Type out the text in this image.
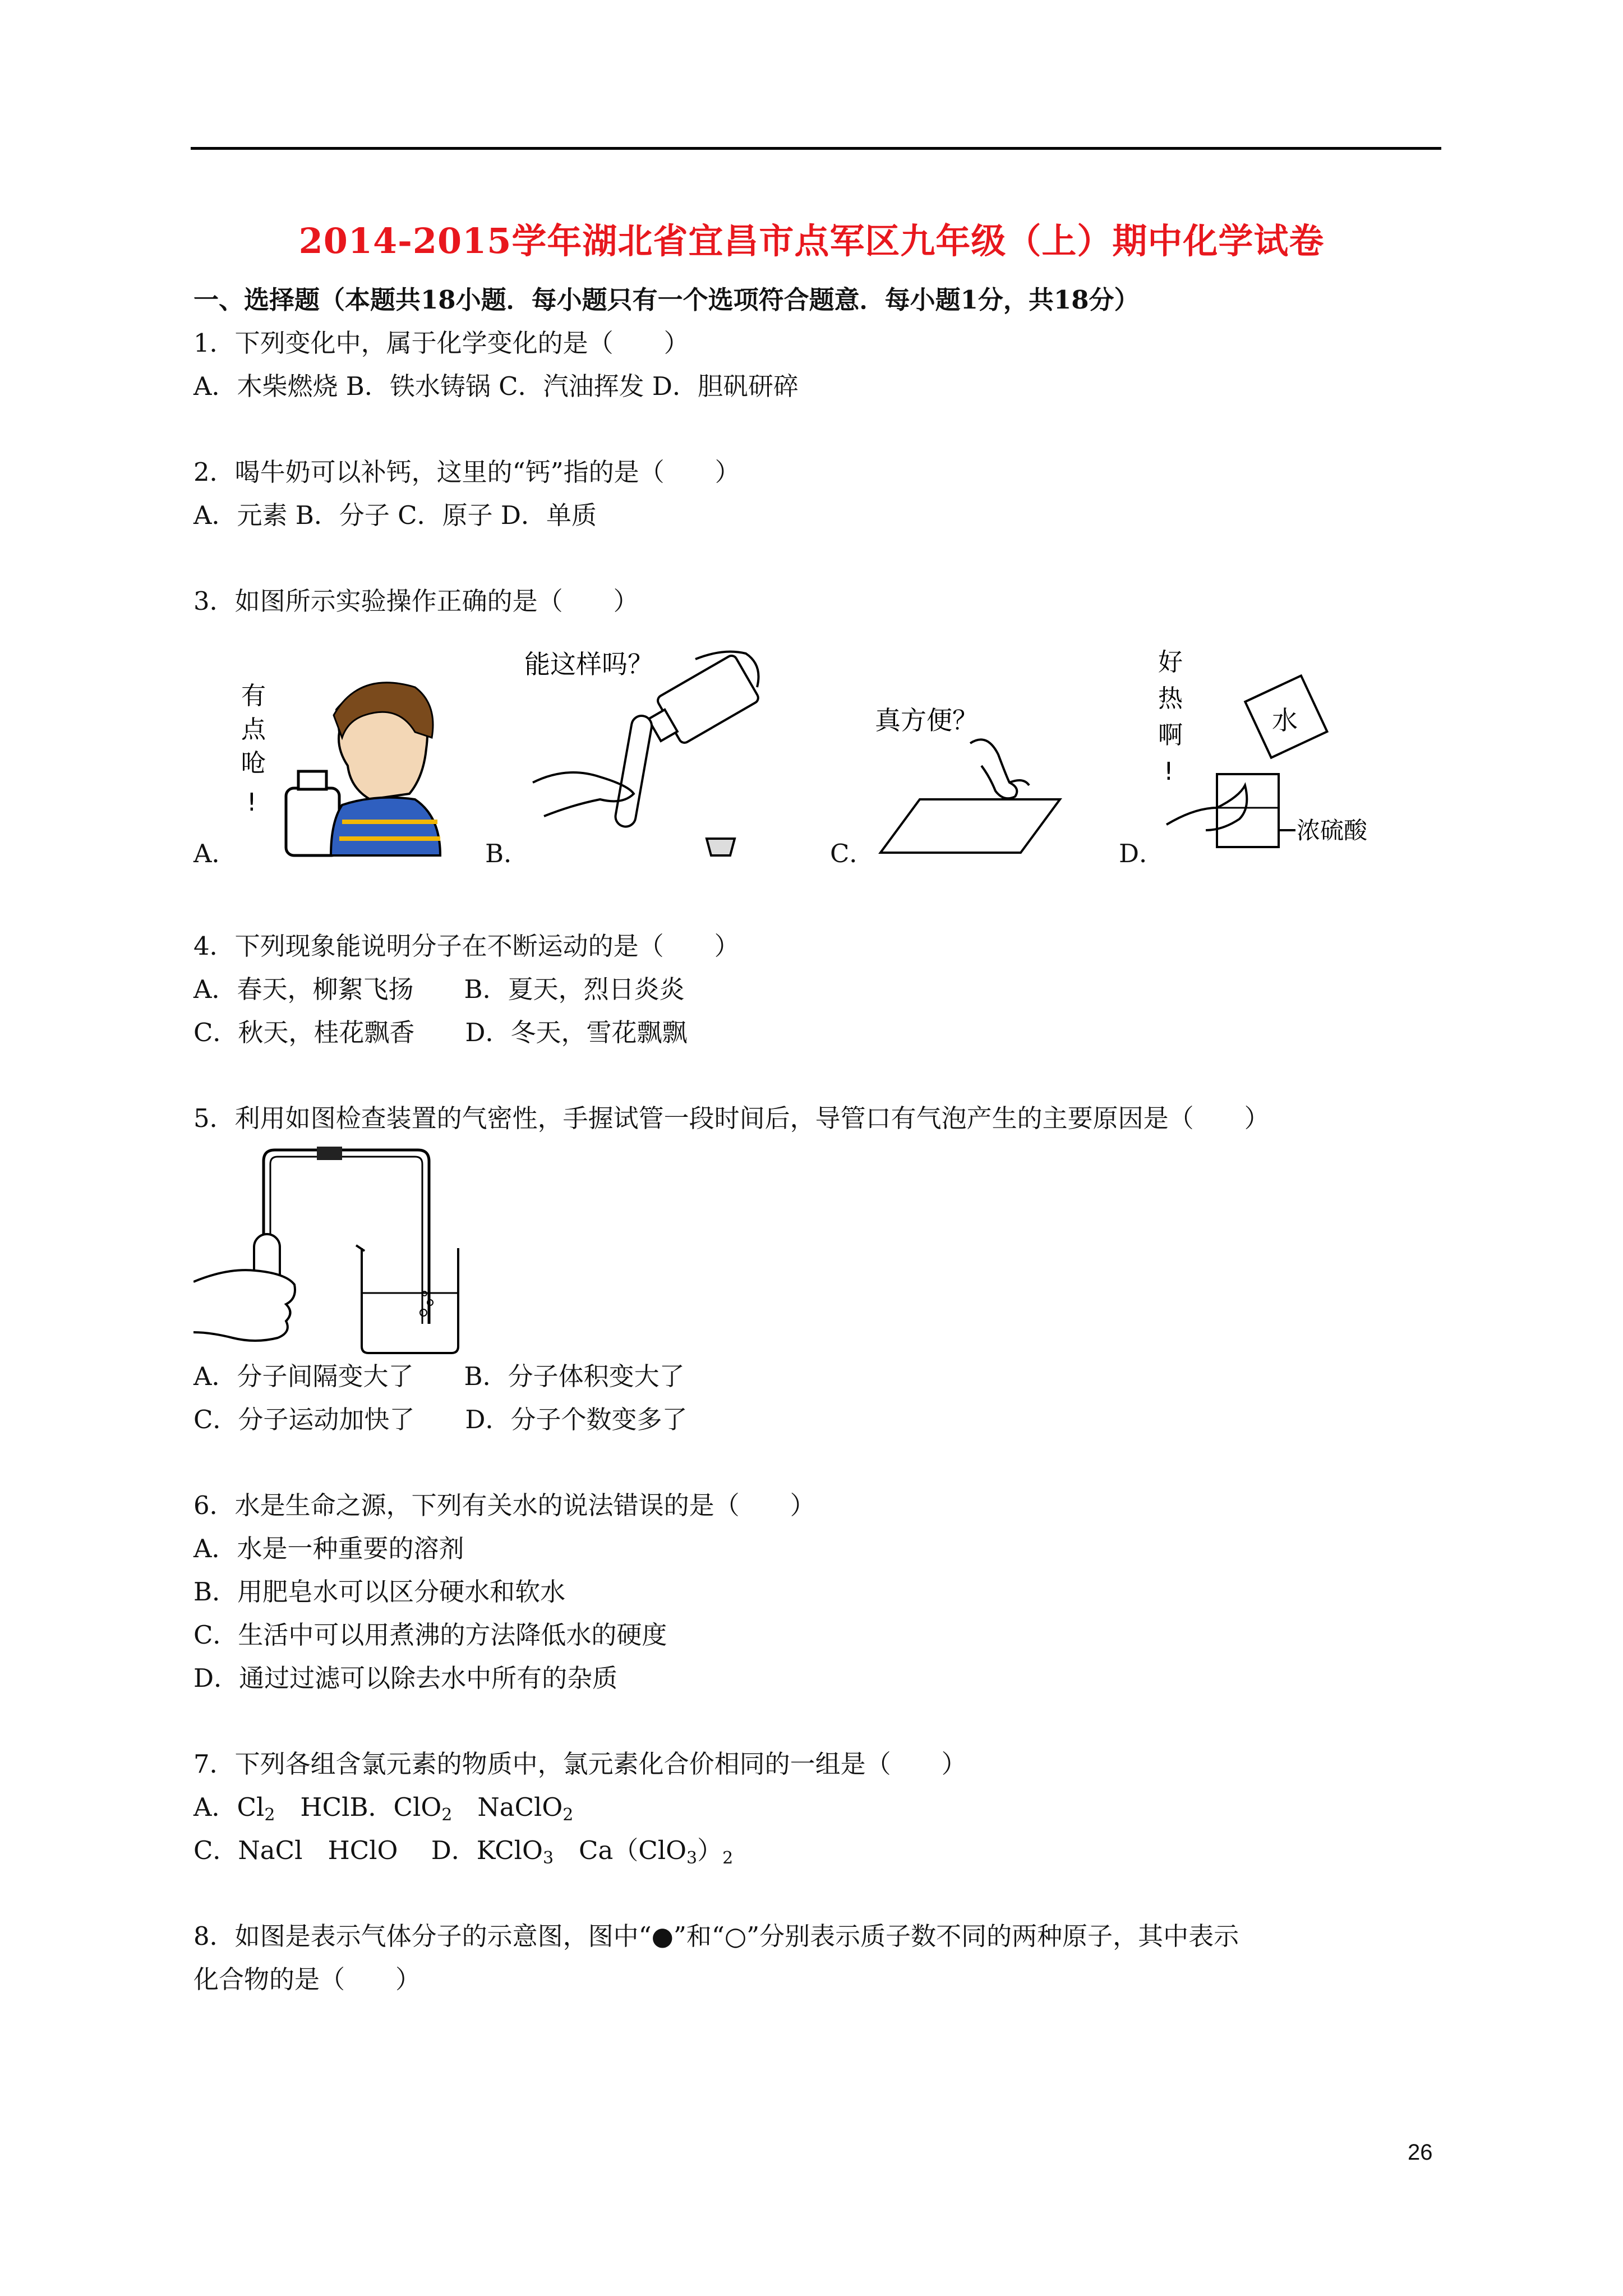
2014-2015学年湖北省宜昌市点军区九年级（上）期中化学试卷
一、选择题（本题共18小题．每小题只有一个选项符合题意．每小题1分，共18分）
1．下列变化中，属于化学变化的是（　　）
A．木柴燃烧 B．铁水铸锅 C．汽油挥发 D．胆矾研碎
2．喝牛奶可以补钙，这里的“钙”指的是（　　）
A．元素 B．分子 C．原子 D．单质
3．如图所示实验操作正确的是（　　）
有
点
呛
!
A．
能这样吗？
B．
真方便？
C．
好
热
啊
!
水
浓硫酸
D．
4．下列现象能说明分子在不断运动的是（　　）
A．春天，柳絮飞扬　　B．夏天，烈日炎炎
C．秋天，桂花飘香　　D．冬天，雪花飘飘
5．利用如图检查装置的气密性，手握试管一段时间后，导管口有气泡产生的主要原因是（　　）
A．分子间隔变大了　　B．分子体积变大了
C．分子运动加快了　　D．分子个数变多了
6．水是生命之源，下列有关水的说法错误的是（　　）
A．水是一种重要的溶剂
B．用肥皂水可以区分硬水和软水
C．生活中可以用煮沸的方法降低水的硬度
D．通过过滤可以除去水中所有的杂质
7．下列各组含氯元素的物质中，氯元素化合价相同的一组是（　　）
A．$Cl_2$　HClB．ClO$_2$　NaClO$_2$
C．NaCl　HClO　 D．KClO$_3$　$Ca(ClO_3)_2$
8．如图是表示气体分子的示意图，图中“●”和“○”分别表示质子数不同的两种原子，其中表示
化合物的是（　　）
26
